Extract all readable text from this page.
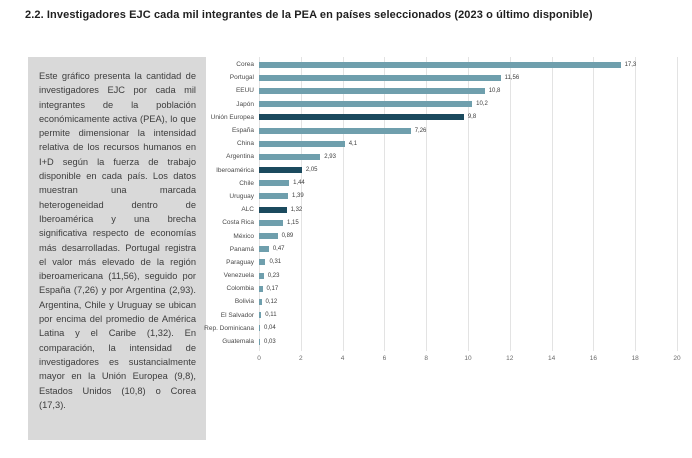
2.2. Investigadores EJC cada mil integrantes de la PEA en países seleccionados (2023 o último disponible)
Este gráfico presenta la cantidad de investigadores EJC por cada mil integrantes de la población económicamente activa (PEA), lo que permite dimensionar la intensidad relativa de los recursos humanos en I+D según la fuerza de trabajo disponible en cada país. Los datos muestran una marcada heterogeneidad dentro de Iberoamérica y una brecha significativa respecto de economías más desarrolladas. Portugal registra el valor más elevado de la región iberoamericana (11,56), seguido por España (7,26) y por Argentina (2,93). Argentina, Chile y Uruguay se ubican por encima del promedio de América Latina y el Caribe (1,32). En comparación, la intensidad de investigadores es sustancialmente mayor en la Unión Europea (9,8), Estados Unidos (10,8) o Corea (17,3).
Corea	17,3
Portugal	11,56
EEUU	10,8
Japón	10,2
Unión Europea	9,8
España	7,26
China	4,1
Argentina	2,93
Iberoamérica	2,05
Chile	1,44
Uruguay	1,39
ALC	1,32
Costa Rica	1,15
México	0,89
Panamá	0,47
Paraguay	0,31
Venezuela	0,23
Colombia	0,17
Bolivia	0,12
El Salvador	0,11
Rep. Dominicana	0,04
Guatemala	0,03
0	2	4	6	8	10	12	14	16	18	20
